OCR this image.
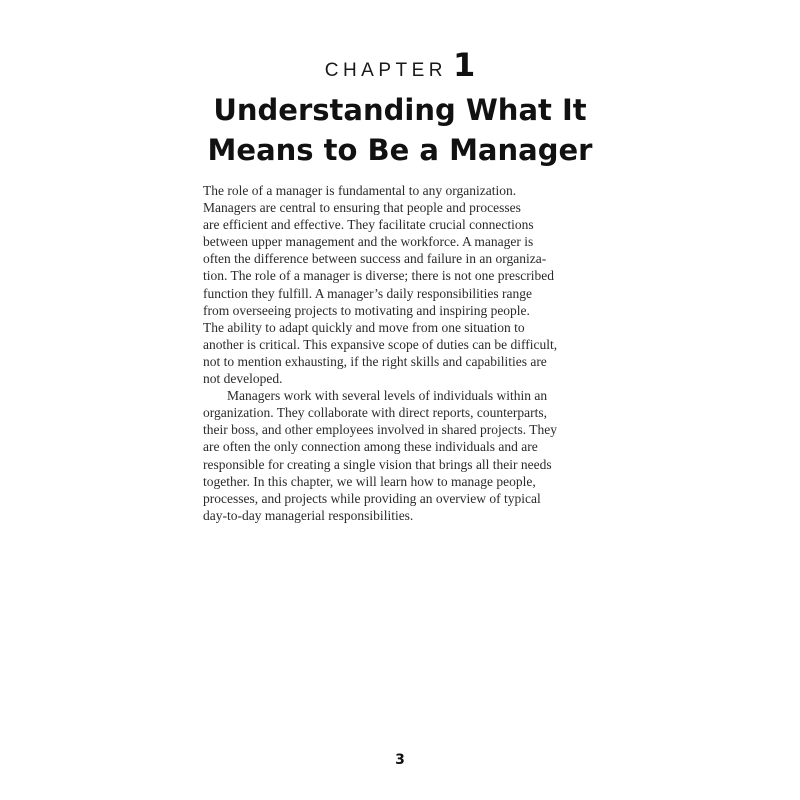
CHAPTER 1
Understanding What It
Means to Be a Manager
The role of a manager is fundamental to any organization.
Managers are central to ensuring that people and processes
are efficient and effective. They facilitate crucial connections
between upper management and the workforce. A manager is
often the difference between success and failure in an organiza-
tion. The role of a manager is diverse; there is not one prescribed
function they fulfill. A manager’s daily responsibilities range
from overseeing projects to motivating and inspiring people.
The ability to adapt quickly and move from one situation to
another is critical. This expansive scope of duties can be difficult,
not to mention exhausting, if the right skills and capabilities are
not developed.
Managers work with several levels of individuals within an
organization. They collaborate with direct reports, counterparts,
their boss, and other employees involved in shared projects. They
are often the only connection among these individuals and are
responsible for creating a single vision that brings all their needs
together. In this chapter, we will learn how to manage people,
processes, and projects while providing an overview of typical
day-to-day managerial responsibilities.
3
